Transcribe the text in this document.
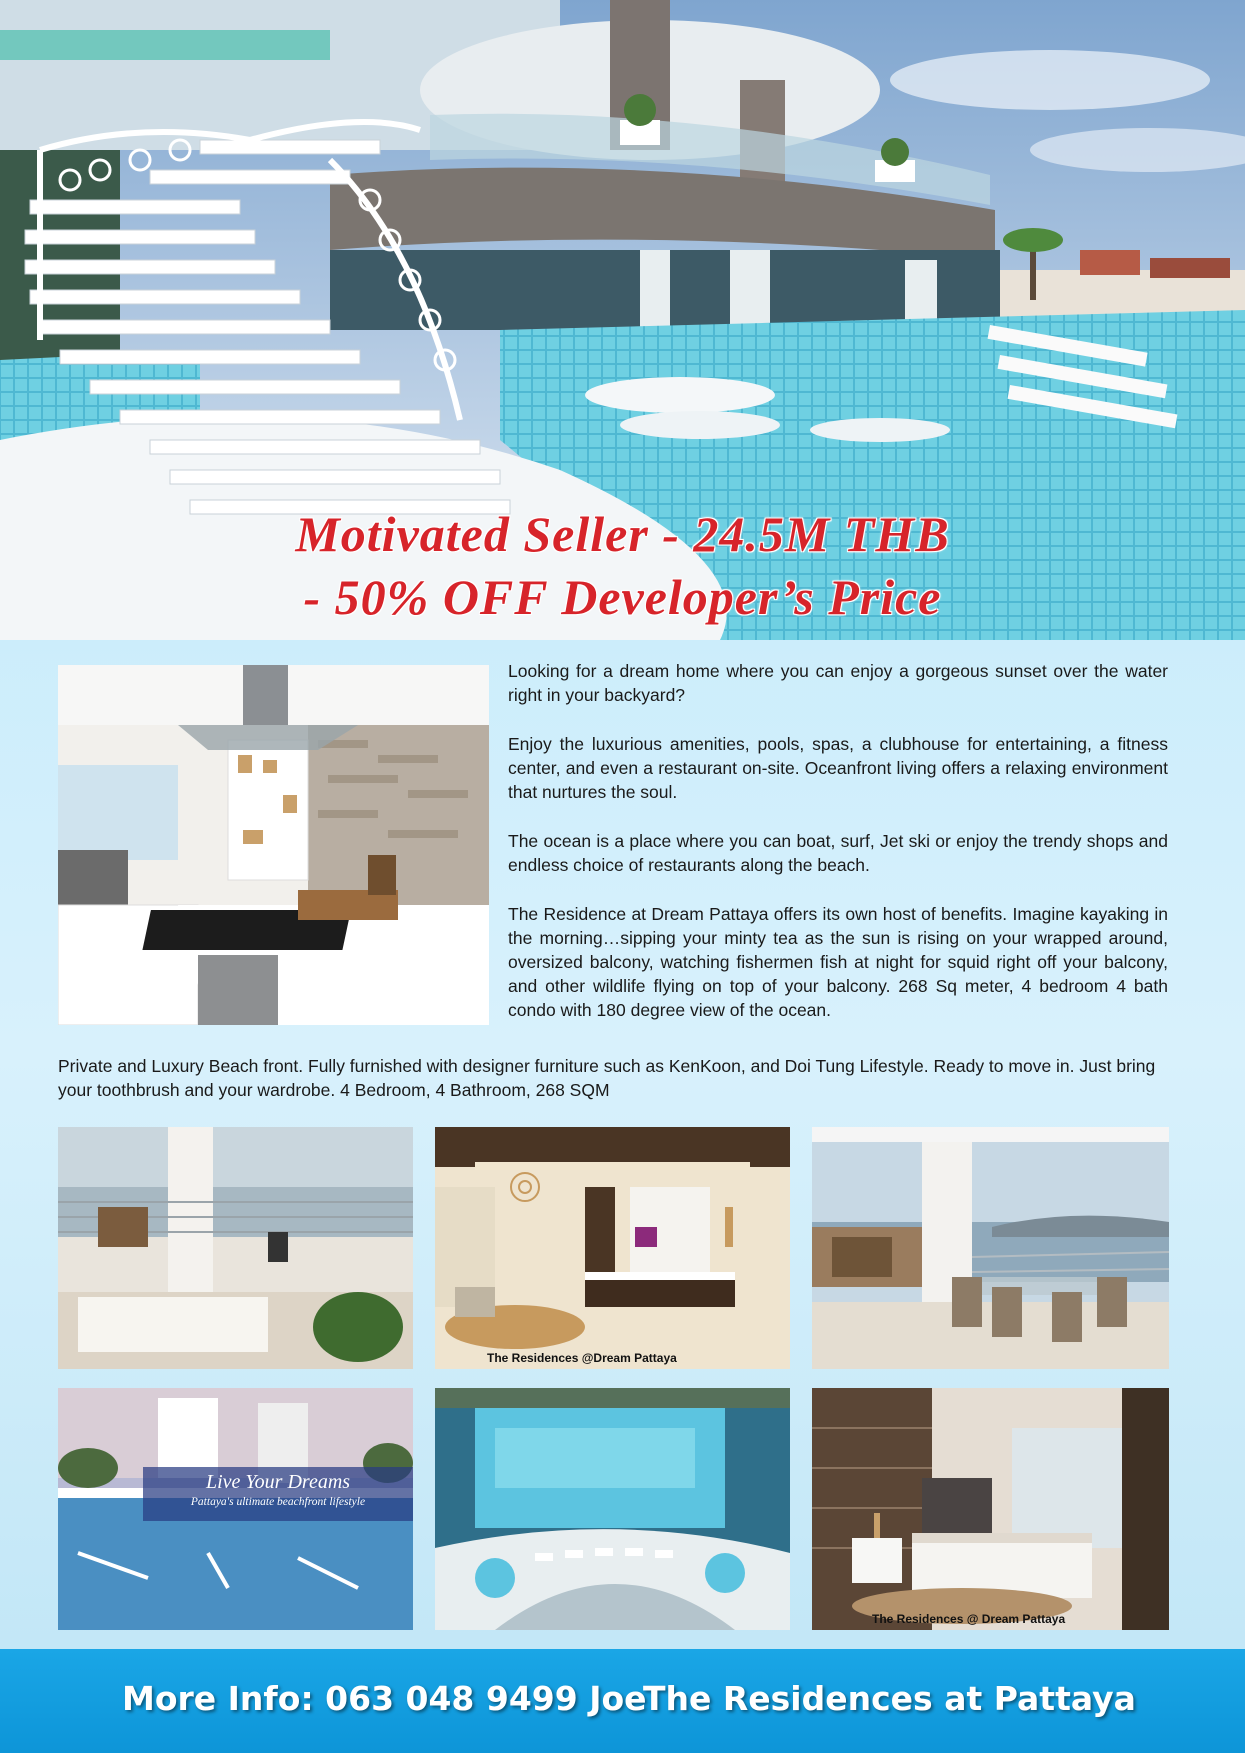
Motivated Seller - 24.5M THB
- 50% OFF Developer’s Price

Looking for a dream home where you can enjoy a gorgeous sunset over the water right in your backyard?

Enjoy the luxurious amenities, pools, spas, a clubhouse for entertaining, a fitness center, and even a restaurant on-site. Oceanfront living offers a relaxing environment that nurtures the soul.

The ocean is a place where you can boat, surf, Jet ski or enjoy the trendy shops and endless choice of restaurants along the beach.

The Residence at Dream Pattaya offers its own host of benefits. Imagine kayaking in the morning…sipping your minty tea as the sun is rising on your wrapped around, oversized balcony, watching fishermen fish at night for squid right off your balcony, and other wildlife flying on top of your balcony. 268 Sq meter, 4 bedroom 4 bath condo with 180 degree view of the ocean.

Private and Luxury Beach front. Fully furnished with designer furniture such as KenKoon, and Doi Tung Lifestyle. Ready to move in. Just bring your toothbrush and your wardrobe. 4 Bedroom, 4 Bathroom, 268 SQM

The Residences @Dream Pattaya
Live Your Dreams
Pattaya's ultimate beachfront lifestyle
The Residences @ Dream Pattaya
More Info: 063 048 9499 Joe
The Residences at Pattaya
